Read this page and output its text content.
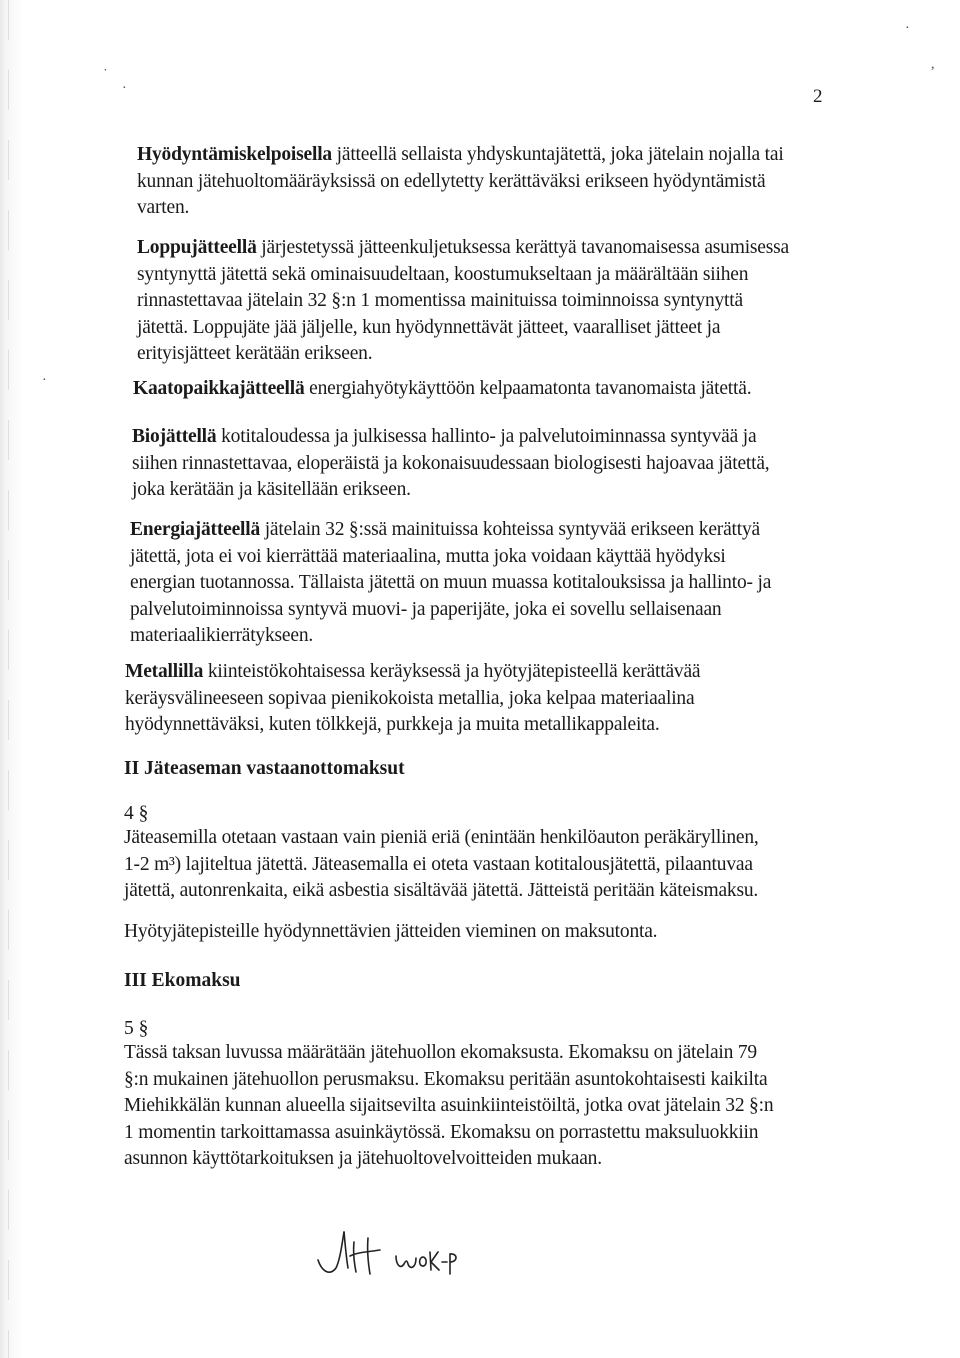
˙
·
·
,
·
2

Hyödyntämiskelpoisella jätteellä sellaista yhdyskuntajätettä, joka jätelain nojalla tai
kunnan jätehuoltomääräyksissä on edellytetty kerättäväksi erikseen hyödyntämistä
varten.

Loppujätteellä järjestetyssä jätteenkuljetuksessa kerättyä tavanomaisessa asumisessa
syntynyttä jätettä sekä ominaisuudeltaan, koostumukseltaan ja määrältään siihen
rinnastettavaa jätelain 32 §:n 1 momentissa mainituissa toiminnoissa syntynyttä
jätettä. Loppujäte jää jäljelle, kun hyödynnettävät jätteet, vaaralliset jätteet ja
erityisjätteet kerätään erikseen.

Kaatopaikkajätteellä energiahyötykäyttöön kelpaamatonta tavanomaista jätettä.

Biojättellä kotitaloudessa ja julkisessa hallinto- ja palvelutoiminnassa syntyvää ja
siihen rinnastettavaa, eloperäistä ja kokonaisuudessaan biologisesti hajoavaa jätettä,
joka kerätään ja käsitellään erikseen.

Energiajätteellä jätelain 32 §:ssä mainituissa kohteissa syntyvää erikseen kerättyä
jätettä, jota ei voi kierrättää materiaalina, mutta joka voidaan käyttää hyödyksi
energian tuotannossa. Tällaista jätettä on muun muassa kotitalouksissa ja hallinto- ja
palvelutoiminnoissa syntyvä muovi- ja paperijäte, joka ei sovellu sellaisenaan
materiaalikierrätykseen.

Metallilla kiinteistökohtaisessa keräyksessä ja hyötyjätepisteellä kerättävää
keräysvälineeseen sopivaa pienikokoista metallia, joka kelpaa materiaalina
hyödynnettäväksi, kuten tölkkejä, purkkeja ja muita metallikappaleita.

II Jäteaseman vastaanottomaksut
4 §

Jäteasemilla otetaan vastaan vain pieniä eriä (enintään henkilöauton peräkäryllinen,
1-2 m³) lajiteltua jätettä. Jäteasemalla ei oteta vastaan kotitalousjätettä, pilaantuvaa
jätettä, autonrenkaita, eikä asbestia sisältävää jätettä. Jätteistä peritään käteismaksu.

Hyötyjätepisteille hyödynnettävien jätteiden vieminen on maksutonta.

III Ekomaksu
5 §

Tässä taksan luvussa määrätään jätehuollon ekomaksusta. Ekomaksu on jätelain 79
§:n mukainen jätehuollon perusmaksu. Ekomaksu peritään asuntokohtaisesti kaikilta
Miehikkälän kunnan alueella sijaitsevilta asuinkiinteistöiltä, jotka ovat jätelain 32 §:n
1 momentin tarkoittamassa asuinkäytössä. Ekomaksu on porrastettu maksuluokkiin
asunnon käyttötarkoituksen ja jätehuoltovelvoitteiden mukaan.
